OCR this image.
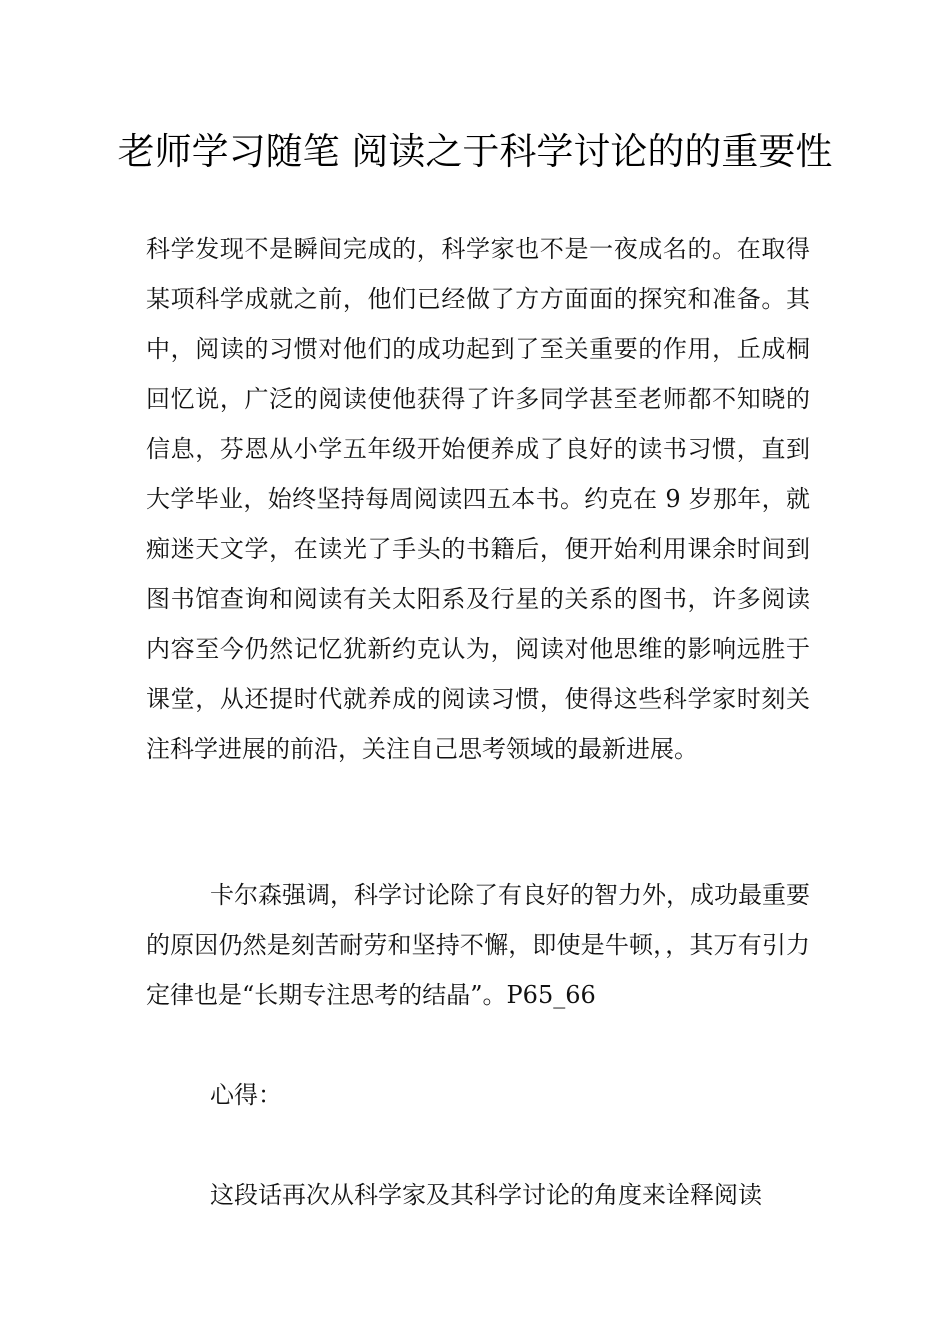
老师学习随笔 阅读之于科学讨论的的重要性

科学发现不是瞬间完成的，科学家也不是一夜成名的。在取得某项科学成就之前，他们已经做了方方面面的探究和准备。其中，阅读的习惯对他们的成功起到了至关重要的作用，丘成桐回忆说，广泛的阅读使他获得了许多同学甚至老师都不知晓的信息，芬恩从小学五年级开始便养成了良好的读书习惯，直到大学毕业，始终坚持每周阅读四五本书。约克在 9 岁那年，就痴迷天文学，在读光了手头的书籍后，便开始利用课余时间到图书馆查询和阅读有关太阳系及行星的关系的图书，许多阅读内容至今仍然记忆犹新约克认为，阅读对他思维的影响远胜于课堂，从还提时代就养成的阅读习惯，使得这些科学家时刻关注科学进展的前沿，关注自己思考领域的最新进展。

卡尔森强调，科学讨论除了有良好的智力外，成功最重要的原因仍然是刻苦耐劳和坚持不懈，即使是牛顿，，其万有引力定律也是“长期专注思考的结晶”。P65_66

心得：

这段话再次从科学家及其科学讨论的角度来诠释阅读
